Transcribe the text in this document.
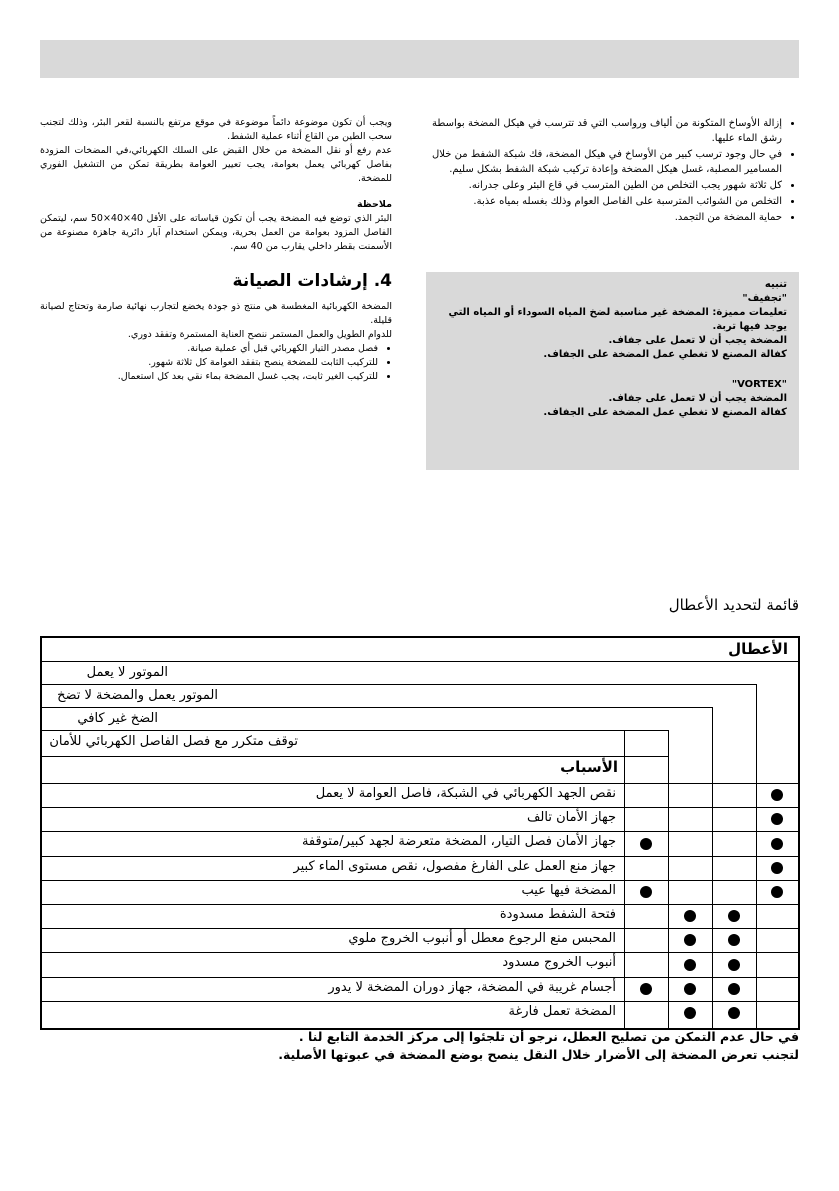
• إزالة الأوساخ المتكونة من ألياف ورواسب التي قد تترسب في هيكل المضخة بواسطة رشق الماء عليها.
• في حال وجود ترسب كبير من الأوساخ في هيكل المضخة، فك شبكة الشفط من خلال المسامير المصلبة، غسل هيكل المضخة وإعادة تركيب شبكة الشفط بشكل سليم.
• كل ثلاثة شهور يجب التخلص من الطين المترسب في قاع البئر وعلى جدرانه.
• التخلص من الشوائب المترسبة على الفاصل العوام وذلك بغسله بمياه عذبة.
• حماية المضخة من التجمد.

تنبيه

"تجفيف"

تعليمات مميزة: المضخة غير مناسبة لضخ المياه السوداء أو المياه التي يوجد فيها تربة.

المضخة يجب أن لا تعمل على جفاف.

كفالة المصنع لا تغطي عمل المضخة على الجفاف.

"VORTEX"

المضخة يجب أن لا تعمل على جفاف.

كفالة المصنع لا تغطي عمل المضخة على الجفاف.

ويجب أن تكون موضوعة دائماً موضوعة في موقع مرتفع بالنسبة لقعر البئر، وذلك لتجنب سحب الطين من القاع أثناء عملية الشفط.

عدم رفع أو نقل المضخة من خلال القبض على السلك الكهربائي،في المضخات المزودة بفاصل كهربائي يعمل بعوامة، يجب تعيير العوامة بطريقة تمكن من التشغيل الفوري للمضخة.

ملاحظة

البئر الذي توضع فيه المضخة يجب أن تكون قياساته على الأقل 40×40×50 سم، ليتمكن الفاصل المزود بعوامة من العمل بحرية، ويمكن استخدام آبار دائرية جاهزة مصنوعة من الأسمنت بقطر داخلي يقارب من 40 سم.

4. إرشادات الصيانة

المضخة الكهربائية المغطسة هي منتج ذو جودة يخضع لتجارب نهائية صارمة وتحتاج لصيانة قليلة.

للدوام الطويل والعمل المستمر ننصح العناية المستمرة وتفقد دوري.

• فصل مصدر التيار الكهربائي قبل أي عملية صيانة.
• للتركيب الثابت للمضخة ينصح بتفقد العوامة كل ثلاثة شهور.
• للتركيب الغير ثابت، يجب غسل المضخة بماء نقي بعد كل استعمال.
قائمة لتحديد الأعطال
الأعطال
الأسباب
الموتور لا يعمل
الموتور يعمل والمضخة لا تضخ
الضخ غير كافي
توقف متكرر مع فصل الفاصل الكهربائي للأمان
نقص الجهد الكهربائي في الشبكة، فاصل العوامة لا يعمل
جهاز الأمان تالف
جهاز الأمان فصل التيار، المضخة متعرضة لجهد كبير/متوقفة
جهاز منع العمل على الفارغ مفصول، نقص مستوى الماء كبير
المضخة فيها عيب
فتحة الشفط مسدودة
المحبس منع الرجوع معطل أو أنبوب الخروج ملوي
أنبوب الخروج مسدود
أجسام غريبة في المضخة، جهاز دوران المضخة لا يدور
المضخة تعمل فارغة
في حال عدم التمكن من تصليح العطل، نرجو أن تلجئوا إلى مركز الخدمة التابع لنا .
لتجنب تعرض المضخة إلى الأضرار خلال النقل ينصح بوضع المضخة في عبوتها الأصلية.
